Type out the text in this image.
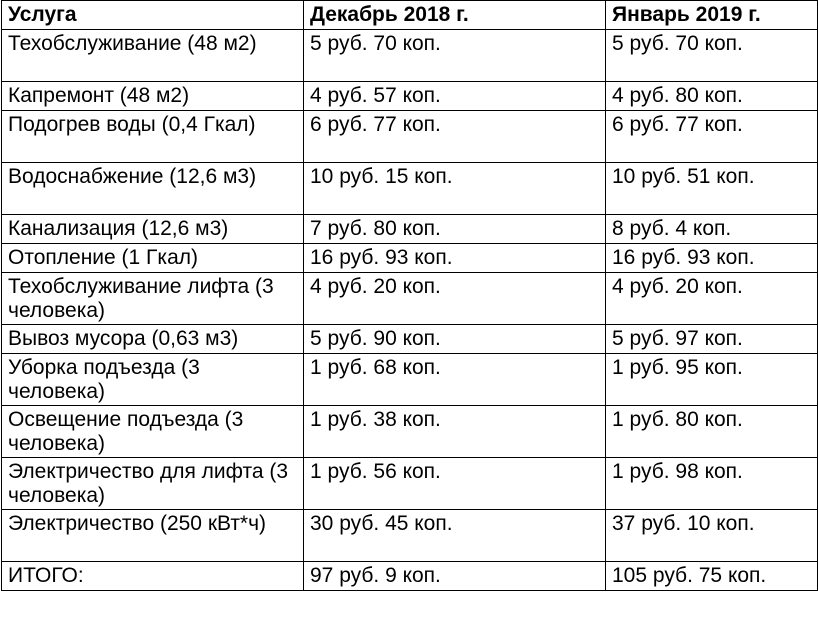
Услуга	Декабрь 2018 г.	Январь 2019 г.
Техобслуживание (48 м2)	5 руб. 70 коп.	5 руб. 70 коп.
Капремонт (48 м2)	4 руб. 57 коп.	4 руб. 80 коп.
Подогрев воды (0,4 Гкал)	6 руб. 77 коп.	6 руб. 77 коп.
Водоснабжение (12,6 м3)	10 руб. 15 коп.	10 руб. 51 коп.
Канализация (12,6 м3)	7 руб. 80 коп.	8 руб. 4 коп.
Отопление (1 Гкал)	16 руб. 93 коп.	16 руб. 93 коп.
Техобслуживание лифта (3 человека)	4 руб. 20 коп.	4 руб. 20 коп.
Вывоз мусора (0,63 м3)	5 руб. 90 коп.	5 руб. 97 коп.
Уборка подъезда (3 человека)	1 руб. 68 коп.	1 руб. 95 коп.
Освещение подъезда (3 человека)	1 руб. 38 коп.	1 руб. 80 коп.
Электричество для лифта (3 человека)	1 руб. 56 коп.	1 руб. 98 коп.
Электричество (250 кВт*ч)	30 руб. 45 коп.	37 руб. 10 коп.
ИТОГО:	97 руб. 9 коп.	105 руб. 75 коп.
